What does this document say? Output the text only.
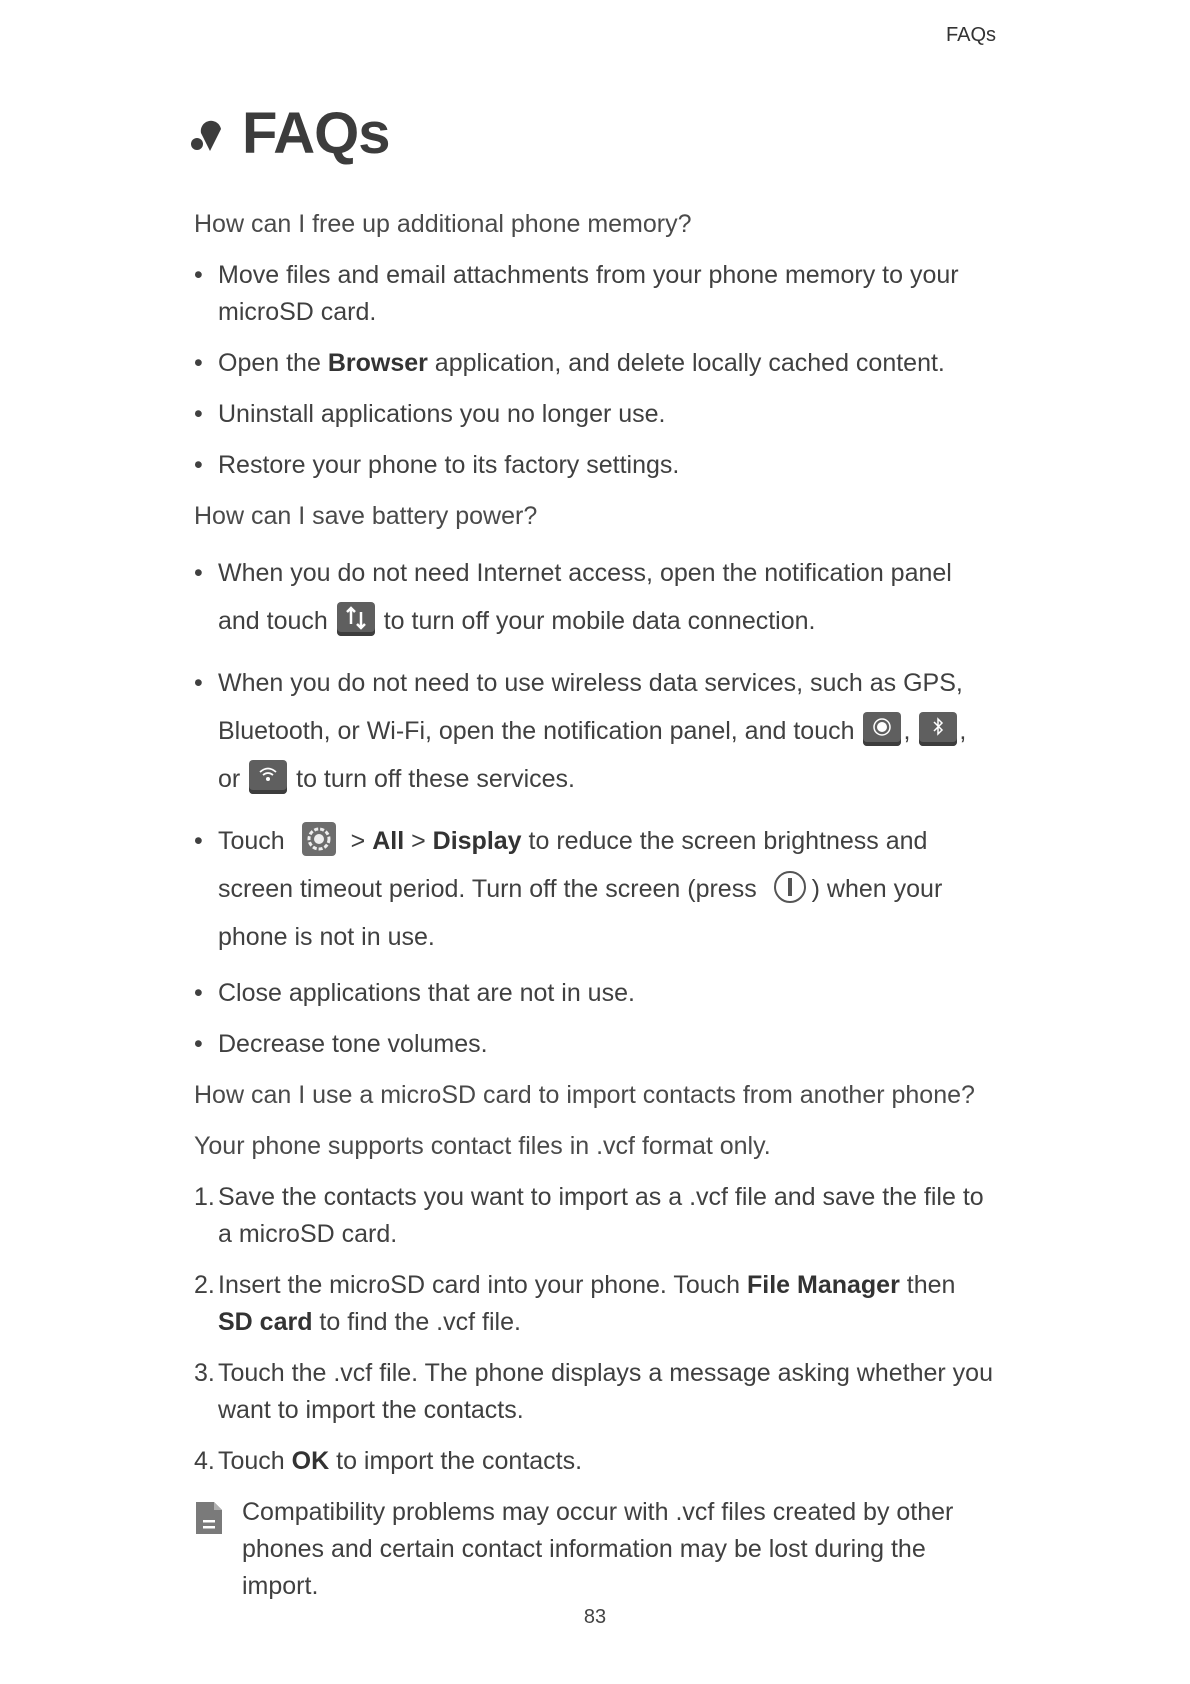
FAQs
FAQs

How can I free up additional phone memory?

• Move files and email attachments from your phone memory to your microSD card.

• Open the Browser application, and delete locally cached content.

• Uninstall applications you no longer use.

• Restore your phone to its factory settings.

How can I save battery power?

• When you do not need Internet access, open the notification panel and touch to turn off your mobile data connection.

• When you do not need to use wireless data services, such as GPS, Bluetooth, or Wi-Fi, open the notification panel, and touch , , or to turn off these services.

• Touch	> All > Display to reduce the screen brightness and screen timeout period. Turn off the screen (press ) when your phone is not in use.

• Close applications that are not in use.

• Decrease tone volumes.

How can I use a microSD card to import contacts from another phone?

Your phone supports contact files in .vcf format only.

1. Save the contacts you want to import as a .vcf file and save the file to a microSD card.

2. Insert the microSD card into your phone. Touch File Manager then SD card to find the .vcf file.

3. Touch the .vcf file. The phone displays a message asking whether you want to import the contacts.

4. Touch OK to import the contacts.

Compatibility problems may occur with .vcf files created by other phones and certain contact information may be lost during the import.
83
